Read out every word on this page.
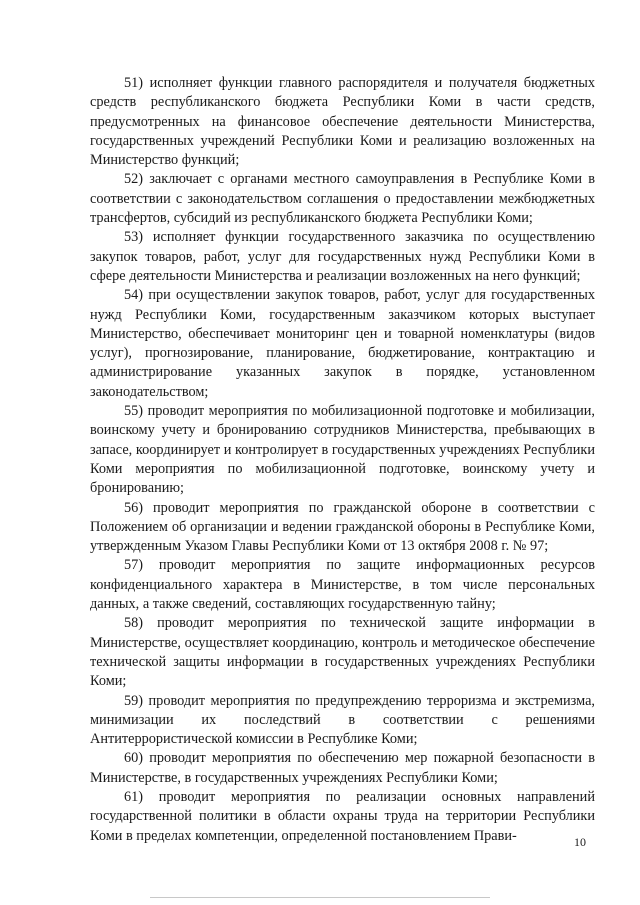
51) исполняет функции главного распорядителя и получателя бюджетных средств республиканского бюджета Республики Коми в части средств, предусмотренных на финансовое обеспечение деятельности Министерства, государственных учреждений Республики Коми и реализацию возложенных на Министерство функций;

52) заключает с органами местного самоуправления в Республике Коми в соответствии с законодательством соглашения о предоставлении межбюджетных трансфертов, субсидий из республиканского бюджета Республики Коми;

53) исполняет функции государственного заказчика по осуществлению закупок товаров, работ, услуг для государственных нужд Республики Коми в сфере деятельности Министерства и реализации возложенных на него функций;

54) при осуществлении закупок товаров, работ, услуг для государственных нужд Республики Коми, государственным заказчиком которых выступает Министерство, обеспечивает мониторинг цен и товарной номенклатуры (видов услуг), прогнозирование, планирование, бюджетирование, контрактацию и администрирование указанных закупок в порядке, установленном законодательством;

55) проводит мероприятия по мобилизационной подготовке и мобилизации, воинскому учету и бронированию сотрудников Министерства, пребывающих в запасе, координирует и контролирует в государственных учреждениях Республики Коми мероприятия по мобилизационной подготовке, воинскому учету и бронированию;

56) проводит мероприятия по гражданской обороне в соответствии с Положением об организации и ведении гражданской обороны в Республике Коми, утвержденным Указом Главы Республики Коми от 13 октября 2008 г. № 97;

57) проводит мероприятия по защите информационных ресурсов конфиденциального характера в Министерстве, в том числе персональных данных, а также сведений, составляющих государственную тайну;

58) проводит мероприятия по технической защите информации в Министерстве, осуществляет координацию, контроль и методическое обеспечение технической защиты информации в государственных учреждениях Республики Коми;

59) проводит мероприятия по предупреждению терроризма и экстремизма, минимизации их последствий в соответствии с решениями Антитеррористической комиссии в Республике Коми;

60) проводит мероприятия по обеспечению мер пожарной безопасности в Министерстве, в государственных учреждениях Республики Коми;

61) проводит мероприятия по реализации основных направлений государственной политики в области охраны труда на территории Республики Коми в пределах компетенции, определенной постановлением Прави-	10
